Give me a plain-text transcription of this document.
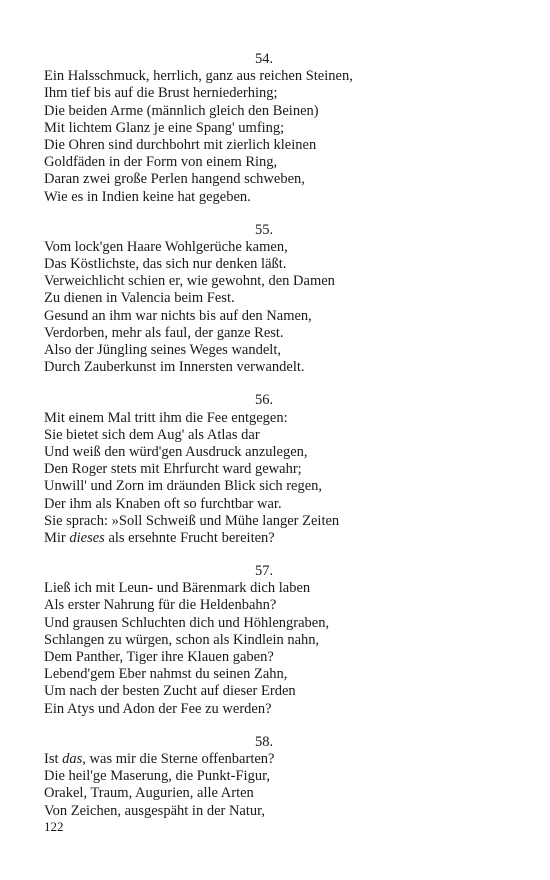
54.
Ein Halsschmuck, herrlich, ganz aus reichen Steinen,
Ihm tief bis auf die Brust herniederhing;
Die beiden Arme (männlich gleich den Beinen)
Mit lichtem Glanz je eine Spang' umfing;
Die Ohren sind durchbohrt mit zierlich kleinen
Goldfäden in der Form von einem Ring,
Daran zwei große Perlen hangend schweben,
Wie es in Indien keine hat gegeben.
55.
Vom lock'gen Haare Wohlgerüche kamen,
Das Köstlichste, das sich nur denken läßt.
Verweichlicht schien er, wie gewohnt, den Damen
Zu dienen in Valencia beim Fest.
Gesund an ihm war nichts bis auf den Namen,
Verdorben, mehr als faul, der ganze Rest.
Also der Jüngling seines Weges wandelt,
Durch Zauberkunst im Innersten verwandelt.
56.
Mit einem Mal tritt ihm die Fee entgegen:
Sie bietet sich dem Aug' als Atlas dar
Und weiß den würd'gen Ausdruck anzulegen,
Den Roger stets mit Ehrfurcht ward gewahr;
Unwill' und Zorn im dräunden Blick sich regen,
Der ihm als Knaben oft so furchtbar war.
Sie sprach: »Soll Schweiß und Mühe langer Zeiten
Mir dieses als ersehnte Frucht bereiten?
57.
Ließ ich mit Leun- und Bärenmark dich laben
Als erster Nahrung für die Heldenbahn?
Und grausen Schluchten dich und Höhlengraben,
Schlangen zu würgen, schon als Kindlein nahn,
Dem Panther, Tiger ihre Klauen gaben?
Lebend'gem Eber nahmst du seinen Zahn,
Um nach der besten Zucht auf dieser Erden
Ein Atys und Adon der Fee zu werden?
58.
Ist das, was mir die Sterne offenbarten?
Die heil'ge Maserung, die Punkt-Figur,
Orakel, Traum, Augurien, alle Arten
Von Zeichen, ausgespäht in der Natur,
122
